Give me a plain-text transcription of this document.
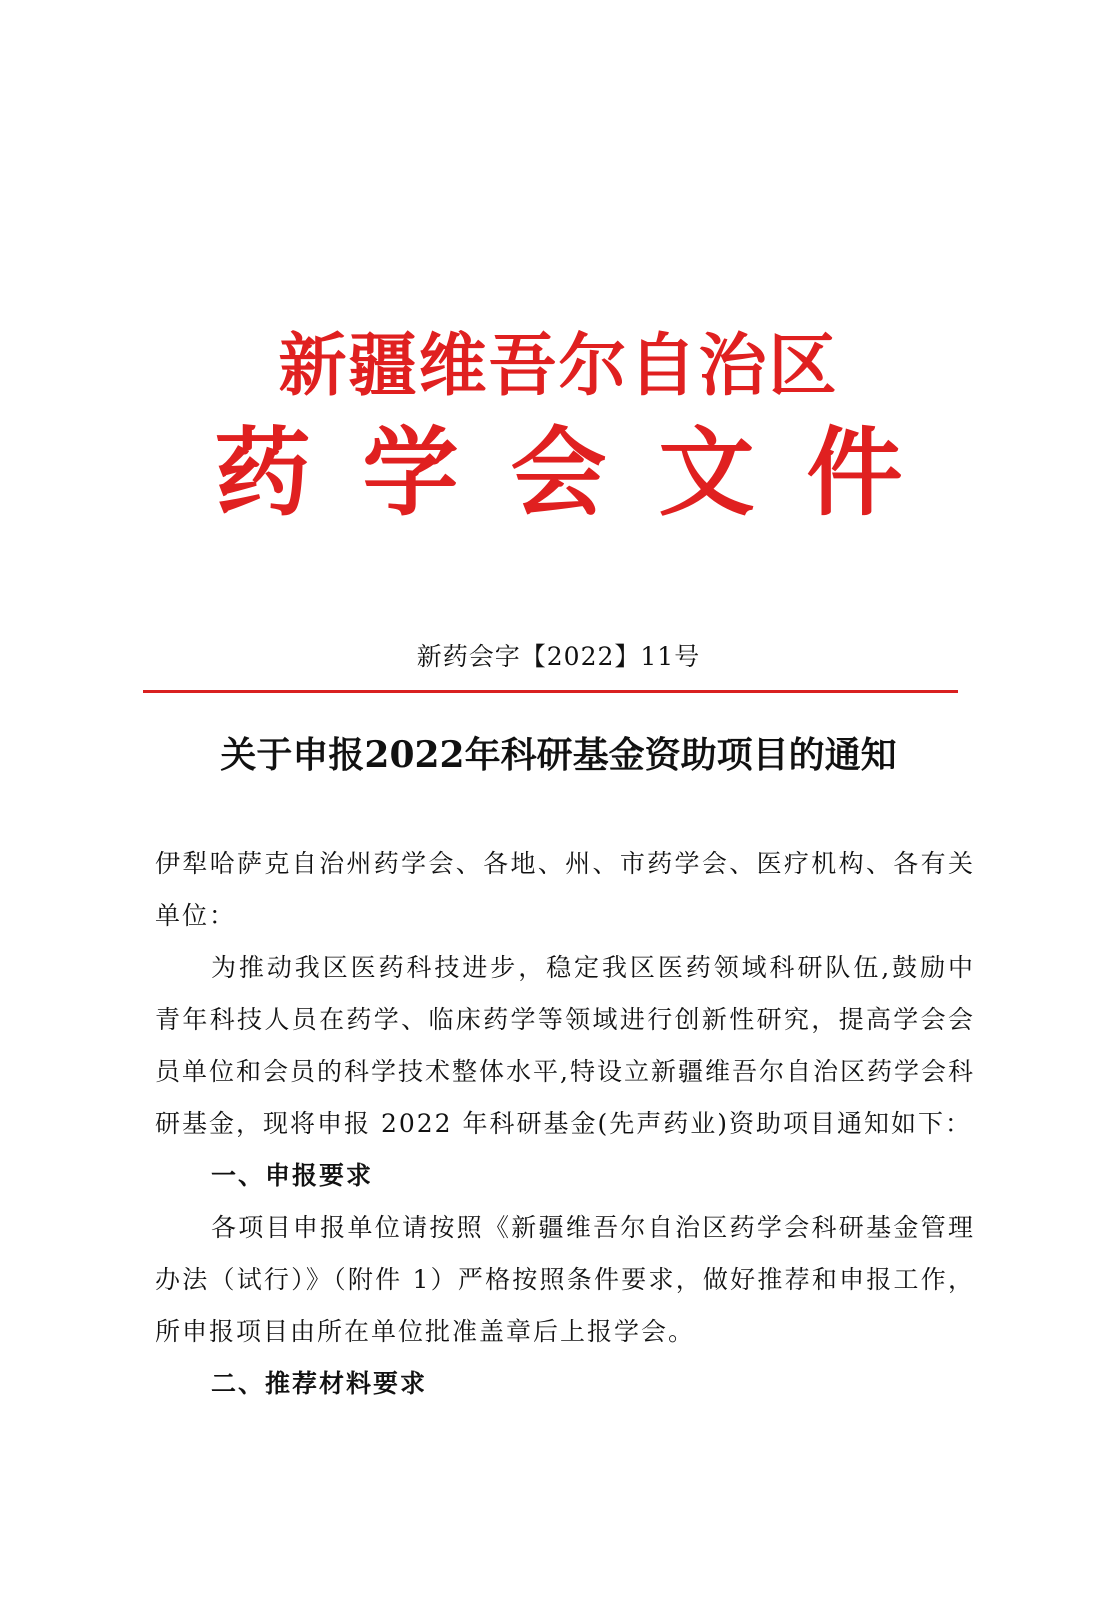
新疆维吾尔自治区
药学会文件
新药会字【2022】11号
关于申报2022年科研基金资助项目的通知

伊犁哈萨克自治州药学会、各地、州、市药学会、医疗机构、各有关单位：

为推动我区医药科技进步，稳定我区医药领域科研队伍,鼓励中青年科技人员在药学、临床药学等领域进行创新性研究，提高学会会员单位和会员的科学技术整体水平,特设立新疆维吾尔自治区药学会科研基金，现将申报 2022 年科研基金(先声药业)资助项目通知如下：

一、申报要求

各项目申报单位请按照《新疆维吾尔自治区药学会科研基金管理办法（试行）》（附件 1）严格按照条件要求，做好推荐和申报工作，所申报项目由所在单位批准盖章后上报学会。

二、推荐材料要求
